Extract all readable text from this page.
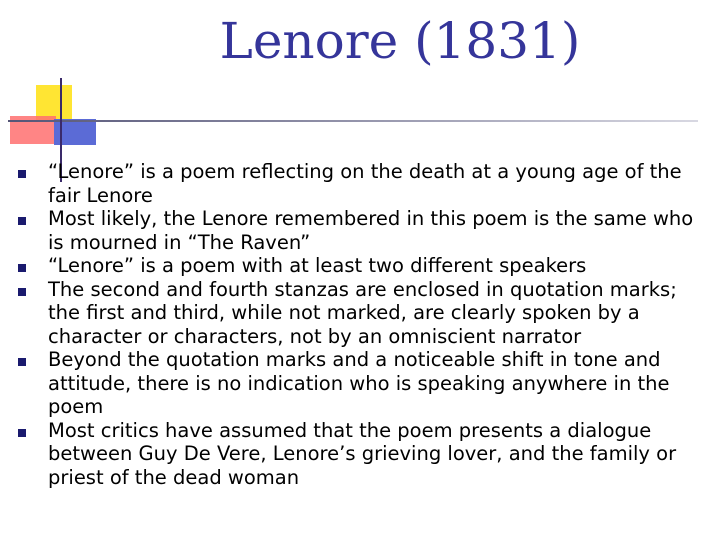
Lenore (1831)
“Lenore” is a poem reflecting on the death at a young age of the fair Lenore
Most likely, the Lenore remembered in this poem is the same who is mourned in “The Raven”
“Lenore” is a poem with at least two different speakers
The second and fourth stanzas are enclosed in quotation marks; the first and third, while not marked, are clearly spoken by a character or characters, not by an omniscient narrator
Beyond the quotation marks and a noticeable shift in tone and attitude, there is no indication who is speaking anywhere in the poem
Most critics have assumed that the poem presents a dialogue between Guy De Vere, Lenore’s grieving lover, and the family or priest of the dead woman
